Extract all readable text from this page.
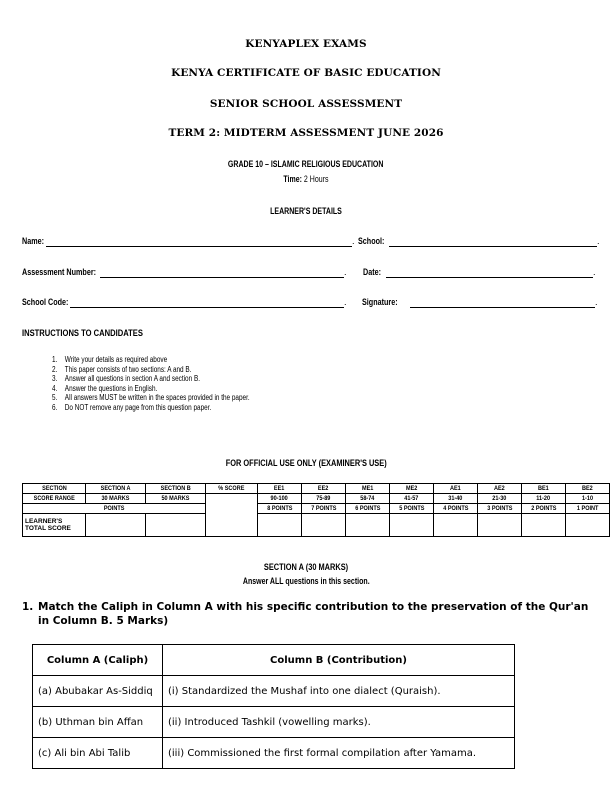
KENYAPLEX EXAMS
KENYA CERTIFICATE OF BASIC EDUCATION
SENIOR SCHOOL ASSESSMENT
TERM 2: MIDTERM ASSESSMENT JUNE 2026
GRADE 10 – ISLAMIC RELIGIOUS EDUCATION
Time: 2 Hours
LEARNER'S DETAILS
Name:	. School:	.
Assessment Number:	. Date:	.
School Code:	. Signature:	.
INSTRUCTIONS TO CANDIDATES
1. Write your details as required above
2. This paper consists of two sections: A and B.
3. Answer all questions in section A and section B.
4. Answer the questions in English.
5. All answers MUST be written in the spaces provided in the paper.
6. Do NOT remove any page from this question paper.
FOR OFFICIAL USE ONLY (EXAMINER'S USE)
SECTION	SECTION A	SECTION B	% SCORE	EE1	EE2	ME1	ME2	AE1	AE2	BE1	BE2
SCORE RANGE	30 MARKS	50 MARKS		90-100	75-89	58-74	41-57	31-40	21-30	11-20	1-10
POINTS				8 POINTS	7 POINTS	6 POINTS	5 POINTS	4 POINTS	3 POINTS	2 POINTS	1 POINT
LEARNER'S TOTAL SCORE											
SECTION A (30 MARKS)
Answer ALL questions in this section.
1. Match the Caliph in Column A with his specific contribution to the preservation of the Qur'an in Column B. 5 Marks)
Column A (Caliph)	Column B (Contribution)
(a) Abubakar As-Siddiq	(i) Standardized the Mushaf into one dialect (Quraish).
(b) Uthman bin Affan	(ii) Introduced Tashkil (vowelling marks).
(c) Ali bin Abi Talib	(iii) Commissioned the first formal compilation after Yamama.
